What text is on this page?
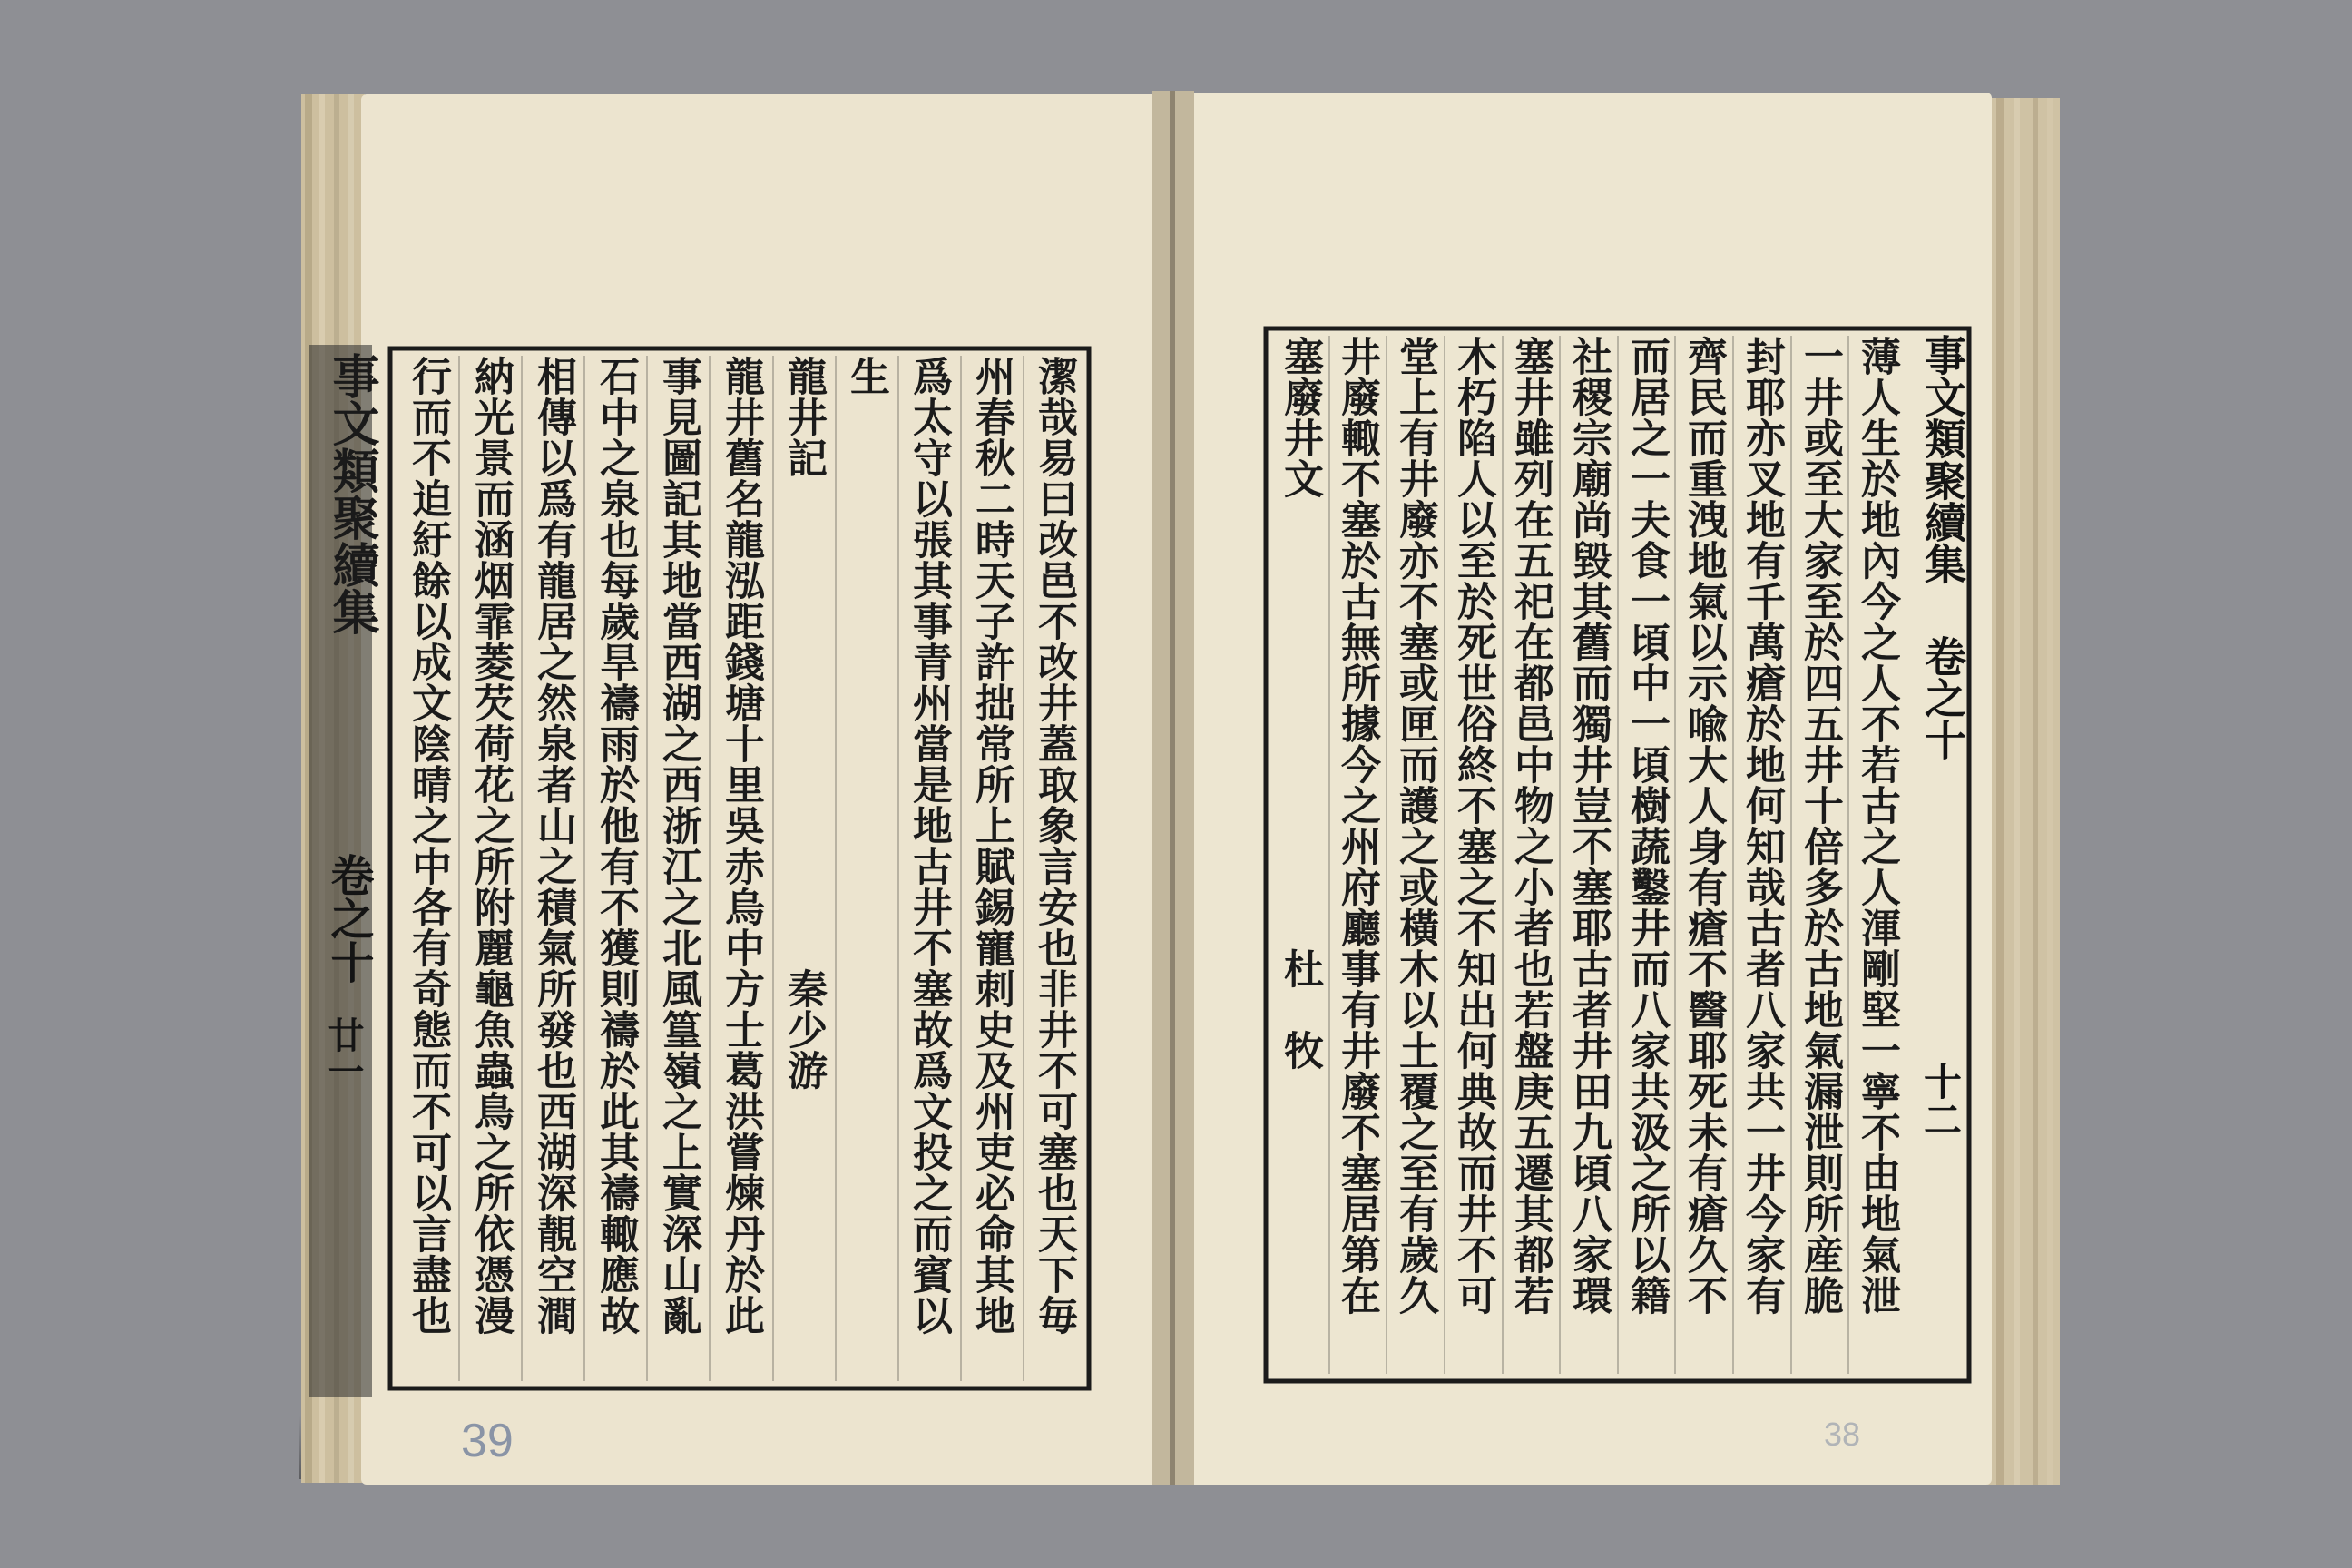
行而不迫紆餘以成文陰晴之中各有奇態而不可以言盡也 納光景而涵烟霏菱芡荷花之所附麗龜魚蟲鳥之所依憑漫 相傳以爲有龍居之然泉者山之積氣所發也西湖深靚空澗 石中之泉也每歲旱禱雨於他有不獲則禱於此其禱輙應故 事見圖記其地當西湖之西浙江之北風篁嶺之上實深山亂 龍井舊名龍泓距錢塘十里吳赤烏中方士葛洪嘗煉丹於此 龍井記　　　　　　　　　　　　秦少游 生 爲太守以張其事青州當是地古井不塞故爲文投之而賓以 州春秋二時天子許拙常所上賦錫寵刺史及州吏必命其地 潔哉易曰改邑不改井蓋取象言安也非井不可塞也天下毎
事文類聚續集
卷之十
廿一
39
塞廢井文　　　　　　　　　　　杜　牧 井廢輙不塞於古無所據今之州府廳事有井廢不塞居第在 堂上有井廢亦不塞或匣而護之或橫木以土覆之至有歲久 木朽陷人以至於死世俗終不塞之不知出何典故而井不可 塞井雖列在五祀在都邑中物之小者也若盤庚五遷其都若 社稷宗廟尚毀其舊而獨井豈不塞耶古者井田九頃八家環 而居之一夫食一頃中一頃樹蔬鑿井而八家共汲之所以籍 齊民而重洩地氣以示喩大人身有瘡不醫耶死未有瘡久不 封耶亦叉地有千萬瘡於地何知哉古者八家共一井今家有 一井或至大家至於四五井十倍多於古地氣漏泄則所産脆 薄人生於地內今之人不若古之人渾剛堅一寧不由地氣泄 事文類聚續集
卷之十
十二
38
